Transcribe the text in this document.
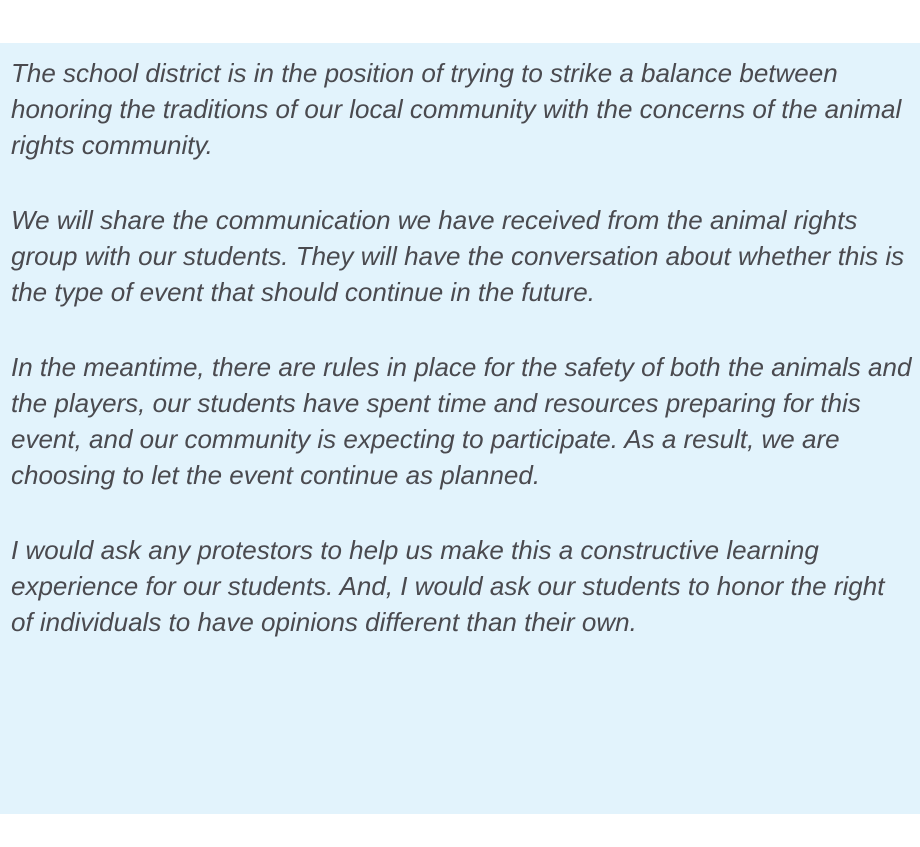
The school district is in the position of trying to strike a balance between honoring the traditions of our local community with the concerns of the animal rights community.

We will share the communication we have received from the animal rights group with our students. They will have the conversation about whether this is the type of event that should continue in the future.

In the meantime, there are rules in place for the safety of both the animals and the players, our students have spent time and resources preparing for this event, and our community is expecting to participate. As a result, we are choosing to let the event continue as planned.

I would ask any protestors to help us make this a constructive learning experience for our students. And, I would ask our students to honor the right of individuals to have opinions different than their own.
